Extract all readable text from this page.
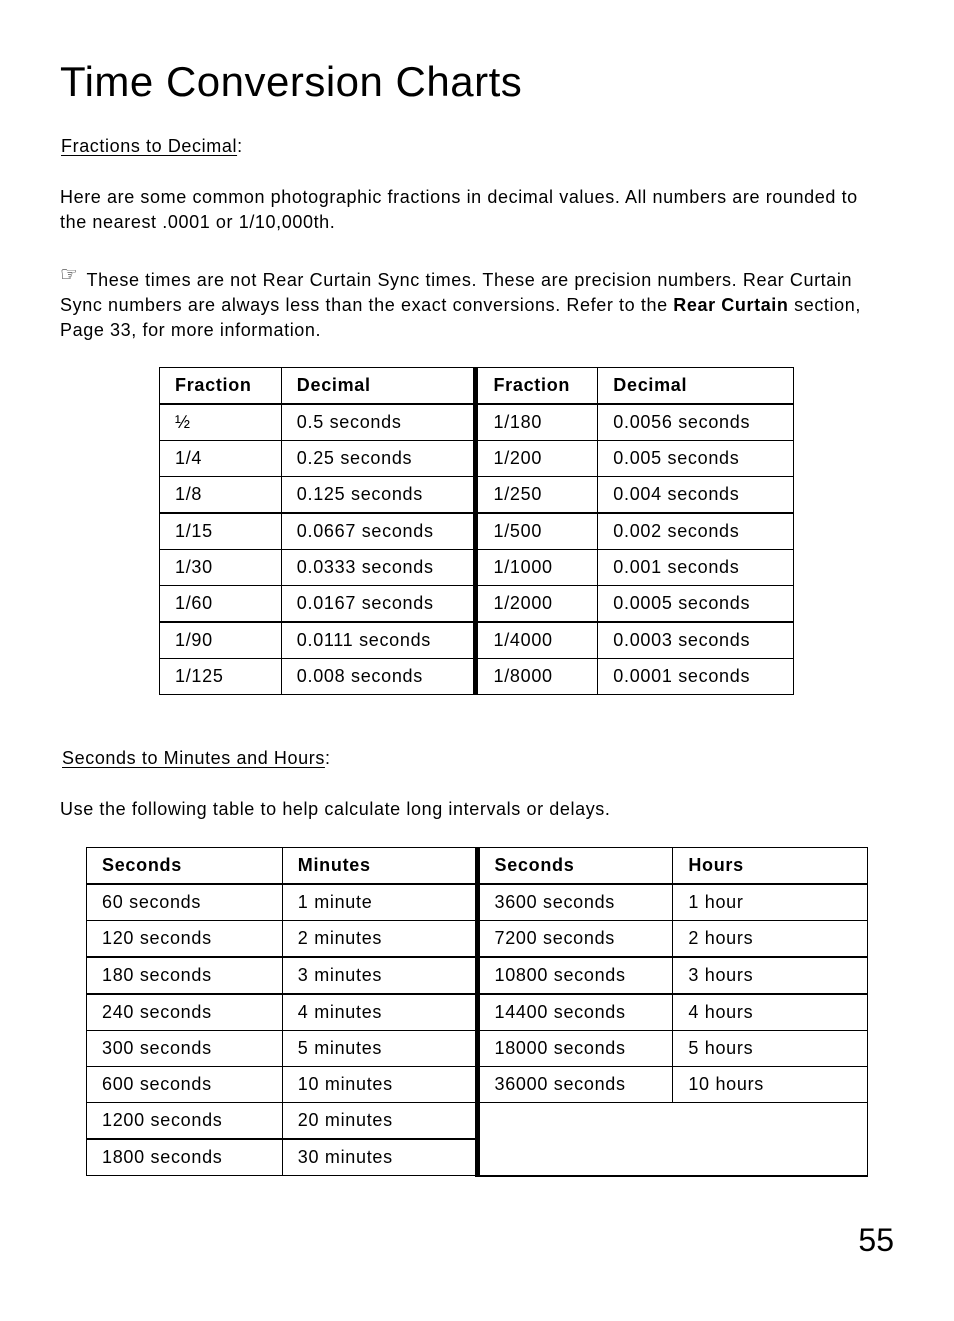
Time Conversion Charts
Fractions to Decimal:

Here are some common photographic fractions in decimal values. All numbers are rounded to the nearest .0001 or 1/10,000th.

☞ These times are not Rear Curtain Sync times. These are precision numbers. Rear Curtain Sync numbers are always less than the exact conversions. Refer to the Rear Curtain section, Page 33, for more information.

Fraction	Decimal	Fraction	Decimal
½	0.5 seconds	1/180	0.0056 seconds
1/4	0.25 seconds	1/200	0.005 seconds
1/8	0.125 seconds	1/250	0.004 seconds
1/15	0.0667 seconds	1/500	0.002 seconds
1/30	0.0333 seconds	1/1000	0.001 seconds
1/60	0.0167 seconds	1/2000	0.0005 seconds
1/90	0.0111 seconds	1/4000	0.0003 seconds
1/125	0.008 seconds	1/8000	0.0001 seconds
Seconds to Minutes and Hours:

Use the following table to help calculate long intervals or delays.

Seconds	Minutes	Seconds	Hours
60 seconds	1 minute	3600 seconds	1 hour
120 seconds	2 minutes	7200 seconds	2 hours
180 seconds	3 minutes	10800 seconds	3 hours
240 seconds	4 minutes	14400 seconds	4 hours
300 seconds	5 minutes	18000 seconds	5 hours
600 seconds	10 minutes	36000 seconds	10 hours
1200 seconds	20 minutes		
1800 seconds	30 minutes		
55
